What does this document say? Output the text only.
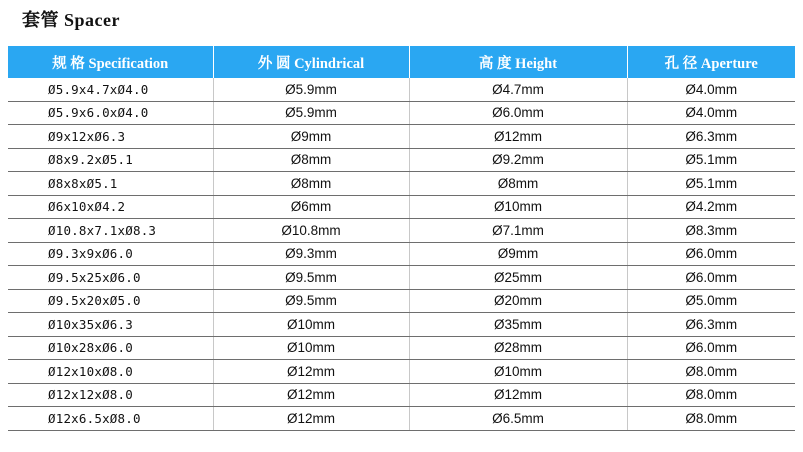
套管 Spacer
规 格 Specification	外 圆 Cylindrical	高 度 Height	孔 径 Aperture
Ø5.9x4.7xØ4.0	Ø5.9mm	Ø4.7mm	Ø4.0mm
Ø5.9x6.0xØ4.0	Ø5.9mm	Ø6.0mm	Ø4.0mm
Ø9x12xØ6.3	Ø9mm	Ø12mm	Ø6.3mm
Ø8x9.2xØ5.1	Ø8mm	Ø9.2mm	Ø5.1mm
Ø8x8xØ5.1	Ø8mm	Ø8mm	Ø5.1mm
Ø6x10xØ4.2	Ø6mm	Ø10mm	Ø4.2mm
Ø10.8x7.1xØ8.3	Ø10.8mm	Ø7.1mm	Ø8.3mm
Ø9.3x9xØ6.0	Ø9.3mm	Ø9mm	Ø6.0mm
Ø9.5x25xØ6.0	Ø9.5mm	Ø25mm	Ø6.0mm
Ø9.5x20xØ5.0	Ø9.5mm	Ø20mm	Ø5.0mm
Ø10x35xØ6.3	Ø10mm	Ø35mm	Ø6.3mm
Ø10x28xØ6.0	Ø10mm	Ø28mm	Ø6.0mm
Ø12x10xØ8.0	Ø12mm	Ø10mm	Ø8.0mm
Ø12x12xØ8.0	Ø12mm	Ø12mm	Ø8.0mm
Ø12x6.5xØ8.0	Ø12mm	Ø6.5mm	Ø8.0mm
